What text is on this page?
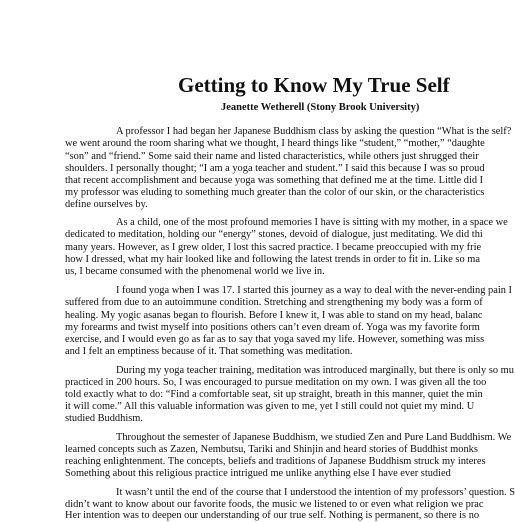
Getting to Know My True Self
Jeanette Wetherell (Stony Brook University)
A professor I had began her Japanese Buddhism class by asking the question “What is the self?
we went around the room sharing what we thought, I heard things like “student,” “mother,” “daughte
“son” and “friend.” Some said their name and listed characteristics, while others just shrugged their
shoulders. I personally thought; “I am a yoga teacher and student.” I said this because I was so proud
that recent accomplishment and because yoga was something that defined me at the time. Little did I
my professor was eluding to something much greater than the color of our skin, or the characteristics
define ourselves by.
As a child, one of the most profound memories I have is sitting with my mother, in a space we
dedicated to meditation, holding our “energy” stones, devoid of dialogue, just meditating. We did thi
many years. However, as I grew older, I lost this sacred practice. I became preoccupied with my frie
how I dressed, what my hair looked like and following the latest trends in order to fit in. Like so ma
us, I became consumed with the phenomenal world we live in.
I found yoga when I was 17. I started this journey as a way to deal with the never-ending pain I
suffered from due to an autoimmune condition. Stretching and strengthening my body was a form of
healing. My yogic asanas began to flourish. Before I knew it, I was able to stand on my head, balanc
my forearms and twist myself into positions others can’t even dream of. Yoga was my favorite form
exercise, and I would even go as far as to say that yoga saved my life. However, something was miss
and I felt an emptiness because of it. That something was meditation.
During my yoga teacher training, meditation was introduced marginally, but there is only so mu
practiced in 200 hours. So, I was encouraged to pursue meditation on my own. I was given all the too
told exactly what to do: “Find a comfortable seat, sit up straight, breath in this manner, quiet the min
it will come.” All this valuable information was given to me, yet I still could not quiet my mind. U
studied Buddhism.
Throughout the semester of Japanese Buddhism, we studied Zen and Pure Land Buddhism. We
learned concepts such as Zazen, Nembutsu, Tariki and Shinjin and heard stories of Buddhist monks
reaching enlightenment. The concepts, beliefs and traditions of Japanese Buddhism struck my interes
Something about this religious practice intrigued me unlike anything else I have ever studied
It wasn’t until the end of the course that I understood the intention of my professors’ question. S
didn’t want to know about our favorite foods, the music we listened to or even what religion we prac
Her intention was to deepen our understanding of our true self. Nothing is permanent, so there is no
